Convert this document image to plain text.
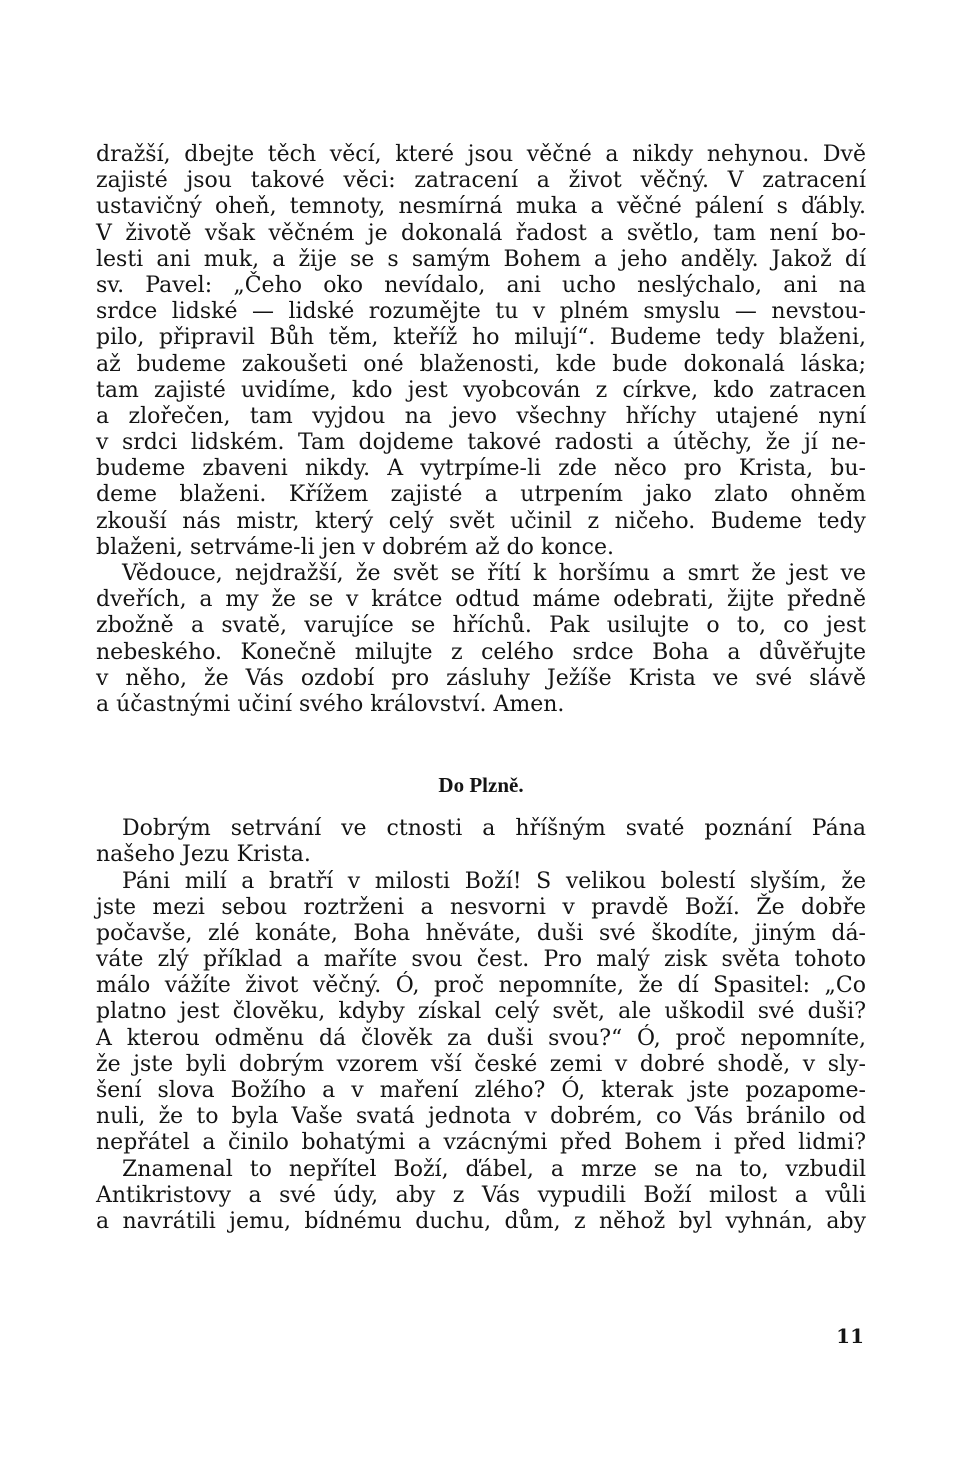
dražší, dbejte těch věcí, které jsou věčné a nikdy nehynou. Dvě
zajisté jsou takové věci: zatracení a život věčný. V zatracení
ustavičný oheň, temnoty, nesmírná muka a věčné pálení s ďábly.
V životě však věčném je dokonalá řadost a světlo, tam není bo-
lesti ani muk, a žije se s samým Bohem a jeho anděly. Jakož dí
sv. Pavel: „Čeho oko nevídalo, ani ucho neslýchalo, ani na
srdce lidské — lidské rozumějte tu v plném smyslu — nevstou-
pilo, připravil Bůh těm, kteříž ho milují“. Budeme tedy blaženi,
až budeme zakoušeti oné blaženosti, kde bude dokonalá láska;
tam zajisté uvidíme, kdo jest vyobcován z církve, kdo zatracen
a zlořečen, tam vyjdou na jevo všechny hříchy utajené nyní
v srdci lidském. Tam dojdeme takové radosti a útěchy, že jí ne-
budeme zbaveni nikdy. A vytrpíme-li zde něco pro Krista, bu-
deme blaženi. Křížem zajisté a utrpením jako zlato ohněm
zkouší nás mistr, který celý svět učinil z ničeho. Budeme tedy
blaženi, setrváme-li jen v dobrém až do konce.
Vědouce, nejdražší, že svět se řítí k horšímu a smrt že jest ve
dveřích, a my že se v krátce odtud máme odebrati, žijte předně
zbožně a svatě, varujíce se hříchů. Pak usilujte o to, co jest
nebeského. Konečně milujte z celého srdce Boha a důvěřujte
v něho, že Vás ozdobí pro zásluhy Ježíše Krista ve své slávě
a účastnými učiní svého království. Amen.
Do Plzně.
Dobrým setrvání ve ctnosti a hříšným svaté poznání Pána
našeho Jezu Krista.
Páni milí a bratří v milosti Boží! S velikou bolestí slyším, že
jste mezi sebou roztrženi a nesvorni v pravdě Boží. Že dobře
počavše, zlé konáte, Boha hněváte, duši své škodíte, jiným dá-
váte zlý příklad a maříte svou čest. Pro malý zisk světa tohoto
málo vážíte život věčný. Ó, proč nepomníte, že dí Spasitel: „Co
platno jest člověku, kdyby získal celý svět, ale uškodil své duši?
A kterou odměnu dá člověk za duši svou?“ Ó, proč nepomníte,
že jste byli dobrým vzorem vší české zemi v dobré shodě, v sly-
šení slova Božího a v maření zlého? Ó, kterak jste pozapome-
nuli, že to byla Vaše svatá jednota v dobrém, co Vás bránilo od
nepřátel a činilo bohatými a vzácnými před Bohem i před lidmi?
Znamenal to nepřítel Boží, ďábel, a mrze se na to, vzbudil
Antikristovy a své údy, aby z Vás vypudili Boží milost a vůli
a navrátili jemu, bídnému duchu, dům, z něhož byl vyhnán, aby
11
